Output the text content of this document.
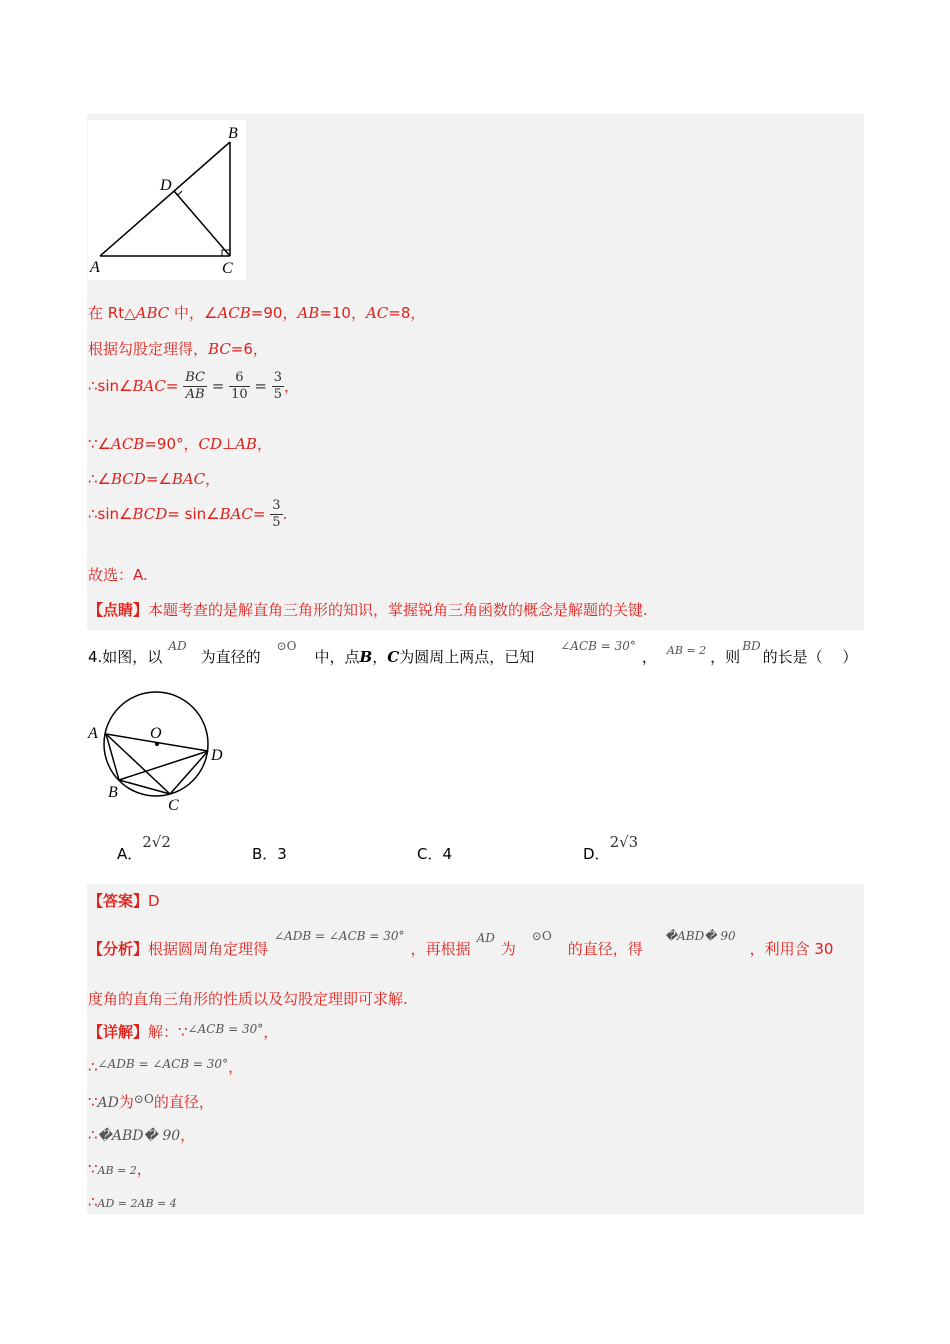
B
D
A	C
在 Rt△ABC 中，∠ACB=90，AB=10，AC=8，
根据勾股定理得，BC=6，
∴sin∠BAC= $\frac{BC}{AB} = \frac{6}{10} = \frac{3}{5}$ ，
∵∠ACB=90°，CD⊥AB，
∴∠BCD=∠BAC，
∴sin∠BCD= sin∠BAC= $\frac{3}{5}$ .
故选：A.
【点睛】本题考查的是解直角三角形的知识，掌握锐角三角函数的概念是解题的关键.
4.如图，以$^{AD}$为直径的$^{⊙O}$中，点B，C为圆周上两点，已知$^{\angle ACB = 30^\circ}$， $^{AB = 2}$ ，则$^{BD}$的长是（　 ）
A	O
D
B
C
A．2√2
B．3	C．4	D．2√3
【答案】D
【分析】根据圆周角定理得$^{\angle ADB = \angle ACB = 30^\circ}$，再根据$^{AD}$为$^{⊙O}$的直径，得$^{�ABD� 90}$，利用含 30
度角的直角三角形的性质以及勾股定理即可求解.
【详解】解：∵$^{\angle ACB = 30^\circ}$，
∴$^{\angle ADB = \angle ACB = 30^\circ}$，
∵AD为$^{⊙O}$的直径，
∴�ABD� 90，
∵AB = 2，
∴AD = 2AB = 4
